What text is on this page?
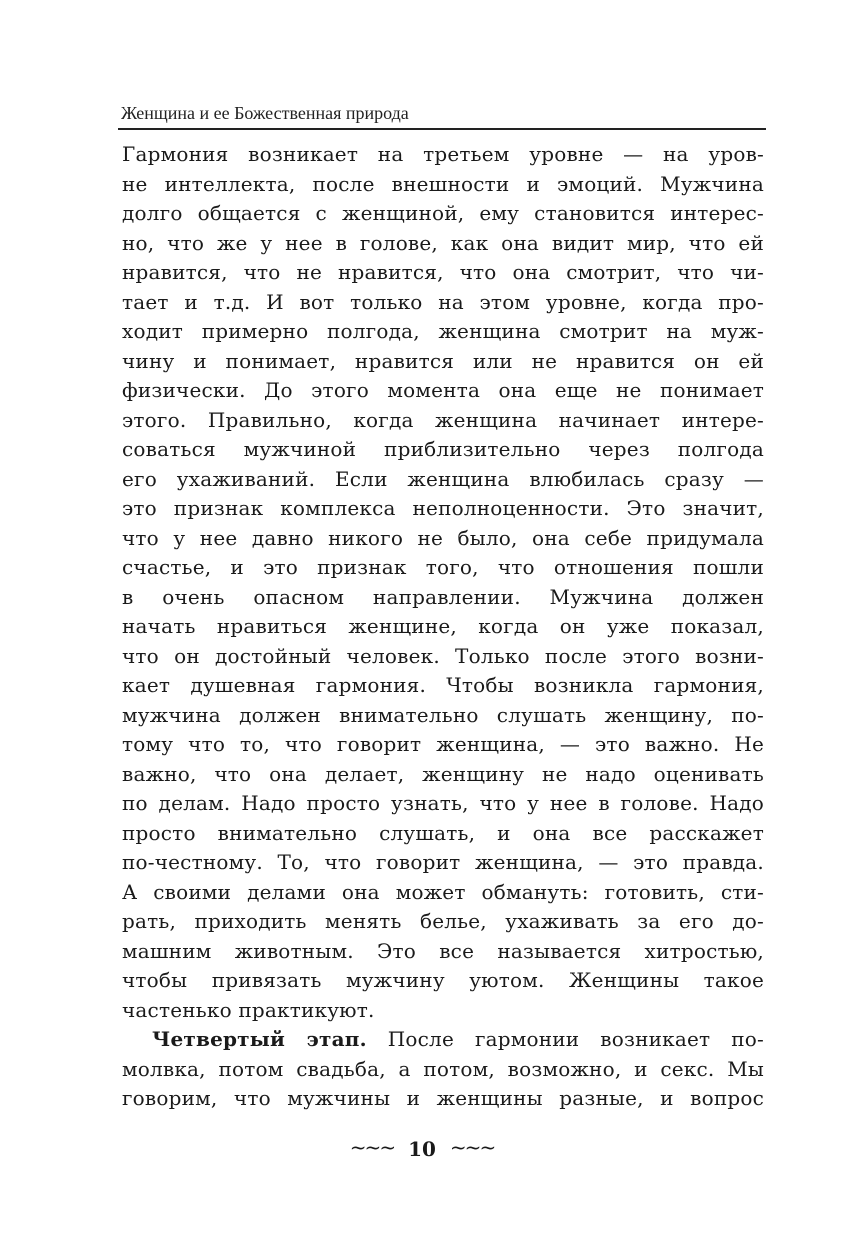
Женщина и ее Божественная природа
Гармония возникает на третьем уровне — на уров-
не интеллекта, после внешности и эмоций. Мужчина
долго общается с женщиной, ему становится интерес-
но, что же у нее в голове, как она видит мир, что ей
нравится, что не нравится, что она смотрит, что чи-
тает и т.д. И вот только на этом уровне, когда про-
ходит примерно полгода, женщина смотрит на муж-
чину и понимает, нравится или не нравится он ей
физически. До этого момента она еще не понимает
этого. Правильно, когда женщина начинает интере-
соваться мужчиной приблизительно через полгода
его ухаживаний. Если женщина влюбилась сразу —
это признак комплекса неполноценности. Это значит,
что у нее давно никого не было, она себе придумала
счастье, и это признак того, что отношения пошли
в очень опасном направлении. Мужчина должен
начать нравиться женщине, когда он уже показал,
что он достойный человек. Только после этого возни-
кает душевная гармония. Чтобы возникла гармония,
мужчина должен внимательно слушать женщину, по-
тому что то, что говорит женщина, — это важно. Не
важно, что она делает, женщину не надо оценивать
по делам. Надо просто узнать, что у нее в голове. Надо
просто внимательно слушать, и она все расскажет
по-честному. То, что говорит женщина, — это правда.
А своими делами она может обмануть: готовить, сти-
рать, приходить менять белье, ухаживать за его до-
машним животным. Это все называется хитростью,
чтобы привязать мужчину уютом. Женщины такое
частенько практикуют.
Четвертый этап. После гармонии возникает по-
молвка, потом свадьба, а потом, возможно, и секс. Мы
говорим, что мужчины и женщины разные, и вопрос
~~~ 10 ~~~
